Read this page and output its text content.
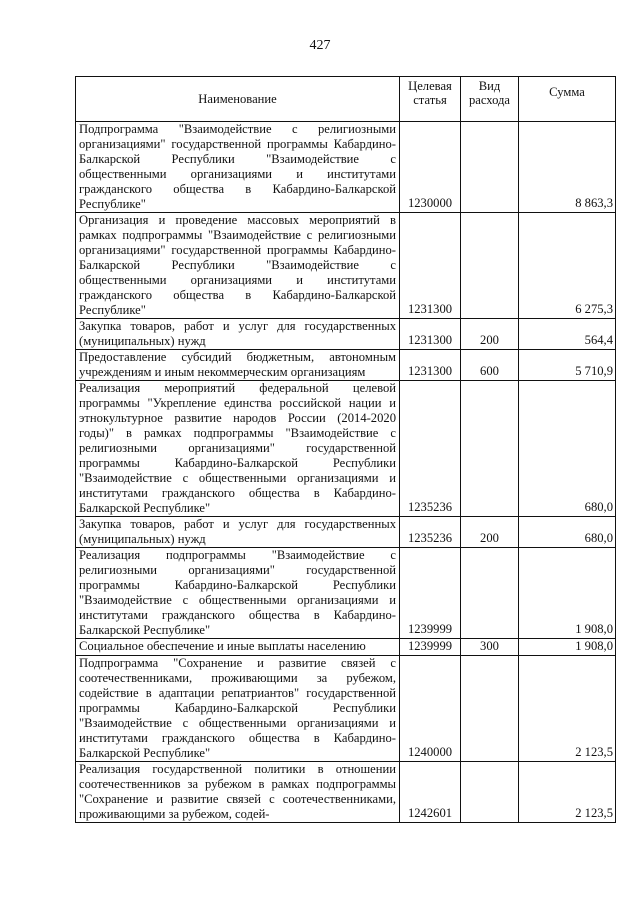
427
Наименование	Целевая статья	Вид расхода	Сумма
Подпрограмма "Взаимодействие с религиозными организациями" государственной программы Кабардино-Балкарской Республики "Взаимодействие с общественными организациями и институтами гражданского общества в Кабардино-Балкарской Республике"	1230000		8 863,3
Организация и проведение массовых мероприятий в рамках подпрограммы "Взаимодействие с религиозными организациями" государственной программы Кабардино-Балкарской Республики "Взаимодействие с общественными организациями и институтами гражданского общества в Кабардино-Балкарской Республике"	1231300		6 275,3
Закупка товаров, работ и услуг для государственных (муниципальных) нужд	1231300	200	564,4
Предоставление субсидий бюджетным, автономным учреждениям и иным некоммерческим организациям	1231300	600	5 710,9
Реализация мероприятий федеральной целевой программы "Укрепление единства российской нации и этнокультурное развитие народов России (2014-2020 годы)" в рамках подпрограммы "Взаимодействие с религиозными организациями" государственной программы Кабардино-Балкарской Республики "Взаимодействие с общественными организациями и институтами гражданского общества в Кабардино-Балкарской Республике"	1235236		680,0
Закупка товаров, работ и услуг для государственных (муниципальных) нужд	1235236	200	680,0
Реализация подпрограммы "Взаимодействие с религиозными организациями" государственной программы Кабардино-Балкарской Республики "Взаимодействие с общественными организациями и институтами гражданского общества в Кабардино-Балкарской Республике"	1239999		1 908,0
Социальное обеспечение и иные выплаты населению	1239999	300	1 908,0
Подпрограмма "Сохранение и развитие связей с соотечественниками, проживающими за рубежом, содействие в адаптации репатриантов" государственной программы Кабардино-Балкарской Республики "Взаимодействие с общественными организациями и институтами гражданского общества в Кабардино-Балкарской Республике"	1240000		2 123,5
Реализация государственной политики в отношении соотечественников за рубежом в рамках подпрограммы "Сохранение и развитие связей с соотечественниками, проживающими за рубежом, содей-	1242601		2 123,5
